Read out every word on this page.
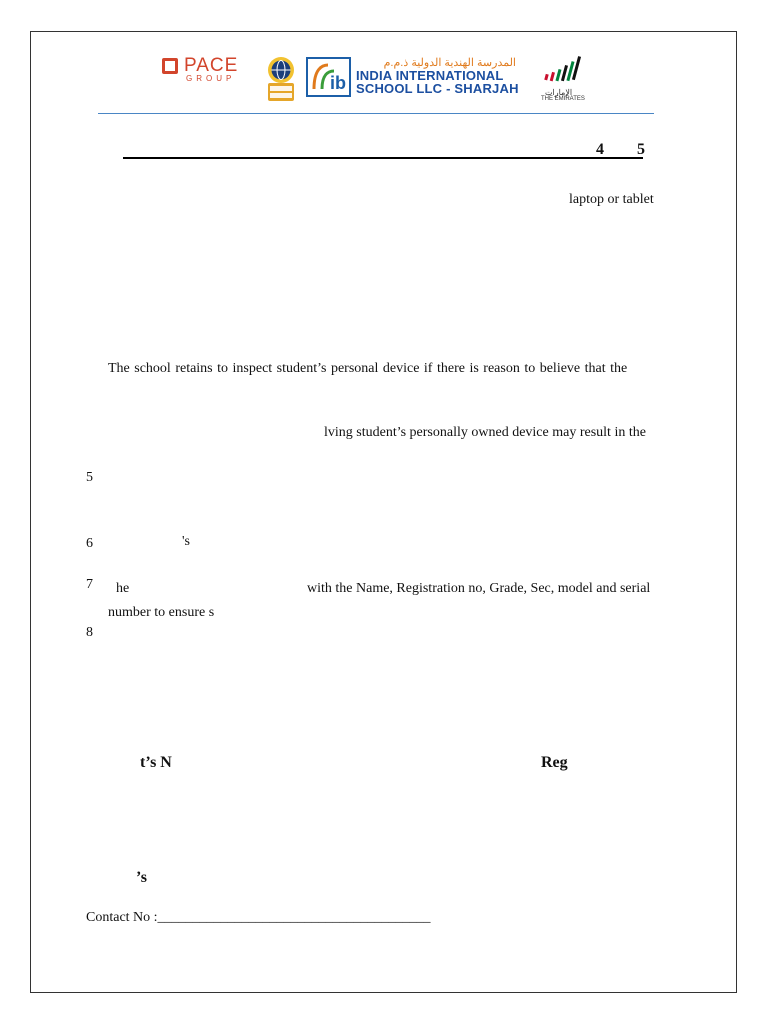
PACE
GROUP	ib
المدرسة الهندية الدولية ذ.م.م
INDIA INTERNATIONAL
SCHOOL LLC - SHARJAH	الإمارات
THE EMIRATES
4 5
laptop or tablet
The school retains to inspect student’s personal device if there is reason to believe that the
lving student’s personally owned device may result in the
5
6	's
7 he	with the Name, Registration no, Grade, Sec, model and serial
number to ensure s
8
t’s N	Reg
’s
Contact No :_______________________________________
